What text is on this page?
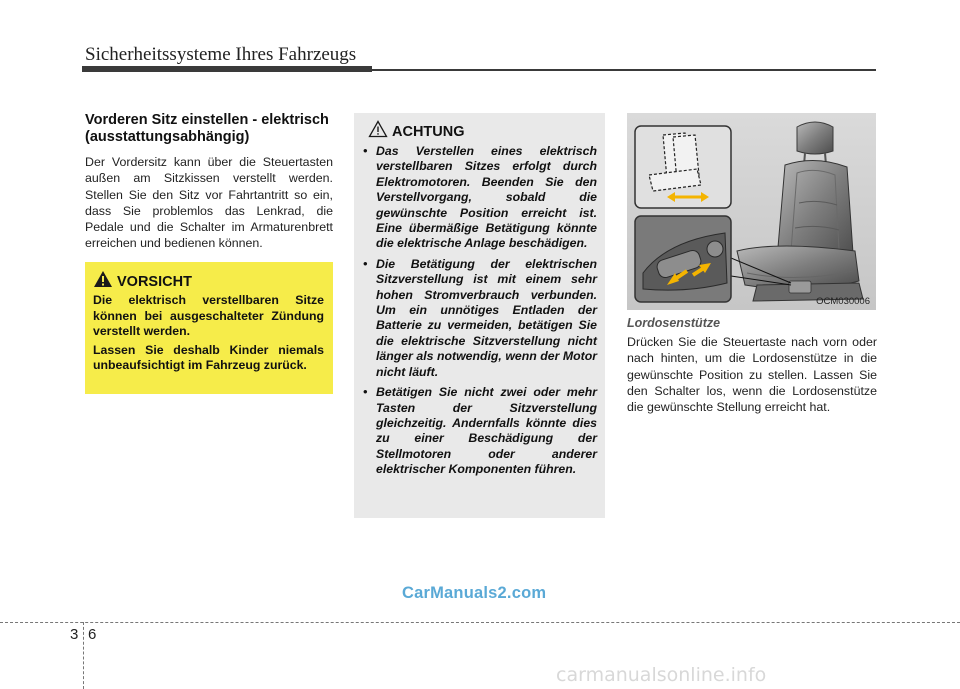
Sicherheitssysteme Ihres Fahrzeugs
Vorderen Sitz einstellen - elektrisch (ausstattungsabhängig)

Der Vordersitz kann über die Steuertasten außen am Sitzkissen verstellt werden. Stellen Sie den Sitz vor Fahrtantritt so ein, dass Sie problemlos das Lenkrad, die Pedale und die Schalter im Armaturenbrett erreichen und bedienen können.

VORSICHT

Die elektrisch verstellbaren Sitze können bei ausgeschalteter Zündung verstellt werden.

Lassen Sie deshalb Kinder niemals unbeaufsichtigt im Fahrzeug zurück.

ACHTUNG
• Das Verstellen eines elektrisch verstellbaren Sitzes erfolgt durch Elektromotoren. Beenden Sie den Verstellvorgang, sobald die gewünschte Position erreicht ist. Eine übermäßige Betätigung könnte die elektrische Anlage beschädigen.
• Die Betätigung der elektrischen Sitzverstellung ist mit einem sehr hohen Stromverbrauch verbunden. Um ein unnötiges Entladen der Batterie zu vermeiden, betätigen Sie die elektrische Sitzverstellung nicht länger als notwendig, wenn der Motor nicht läuft.
• Betätigen Sie nicht zwei oder mehr Tasten der Sitzverstellung gleichzeitig. Andernfalls könnte dies zu einer Beschädigung der Stellmotoren oder anderer elektrischer Komponenten führen.
OCM030006
Lordosenstütze

Drücken Sie die Steuertaste nach vorn oder nach hinten, um die Lordosenstütze in die gewünschte Position zu stellen. Lassen Sie den Schalter los, wenn die Lordosenstütze die gewünschte Stellung erreicht hat.

CarManuals2.com
3 6
carmanualsonline.info
